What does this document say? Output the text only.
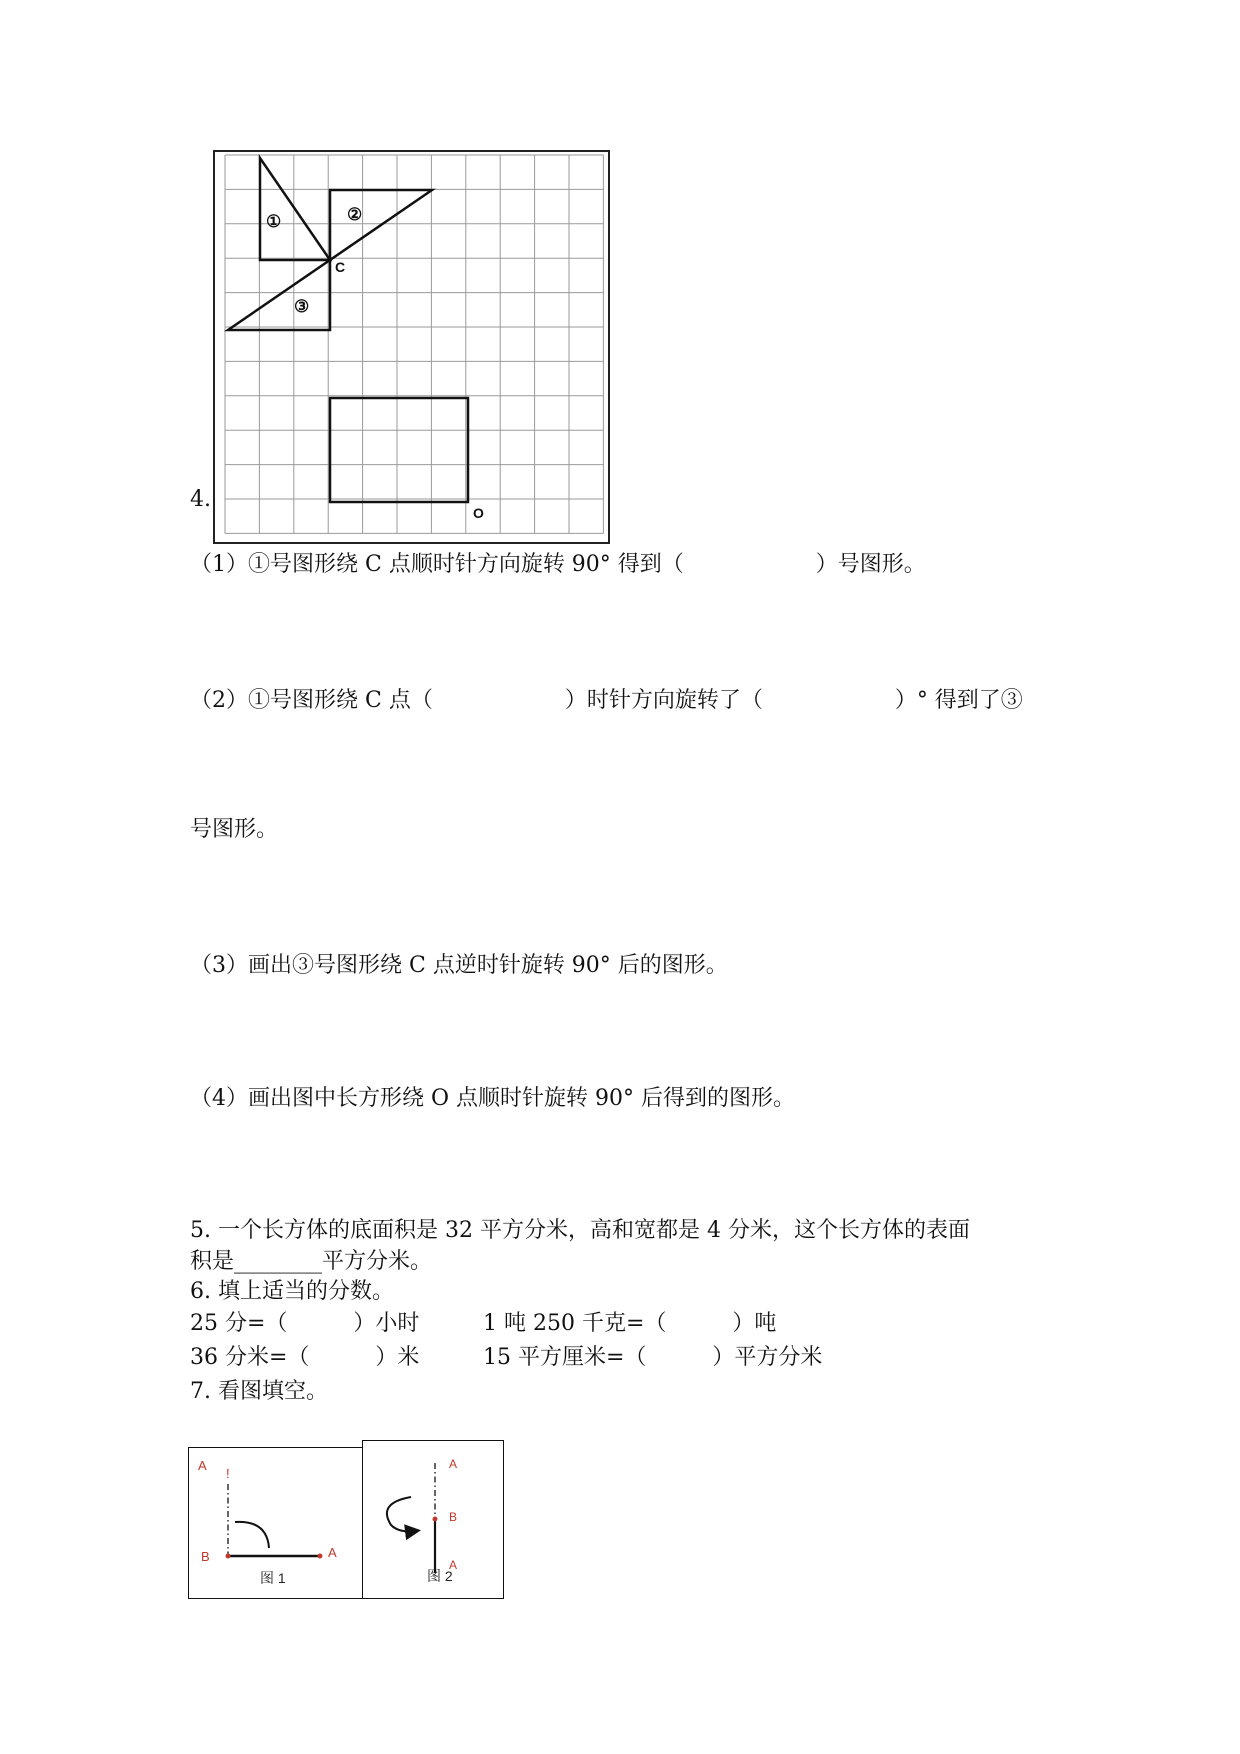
4.
①	②
③
C
O
（1）①号图形绕 C 点顺时针方向旋转 90° 得到（　　　　　　）号图形。
（2）①号图形绕 C 点（　　　　　　）时针方向旋转了（　　　　　　）° 得到了③
号图形。
（3）画出③号图形绕 C 点逆时针旋转 90° 后的图形。
（4）画出图中长方形绕 O 点顺时针旋转 90° 后得到的图形。
5. 一个长方体的底面积是 32 平方分米，高和宽都是 4 分米，这个长方体的表面
积是________平方分米。
6. 填上适当的分数。
25 分=（　　　）小时	1 吨 250 千克=（　　　）吨
36 分米=（　　　）米	15 平方厘米=（　　　）平方分米
7. 看图填空。
A
!
B	A
图 1
A
B
A
图 2
